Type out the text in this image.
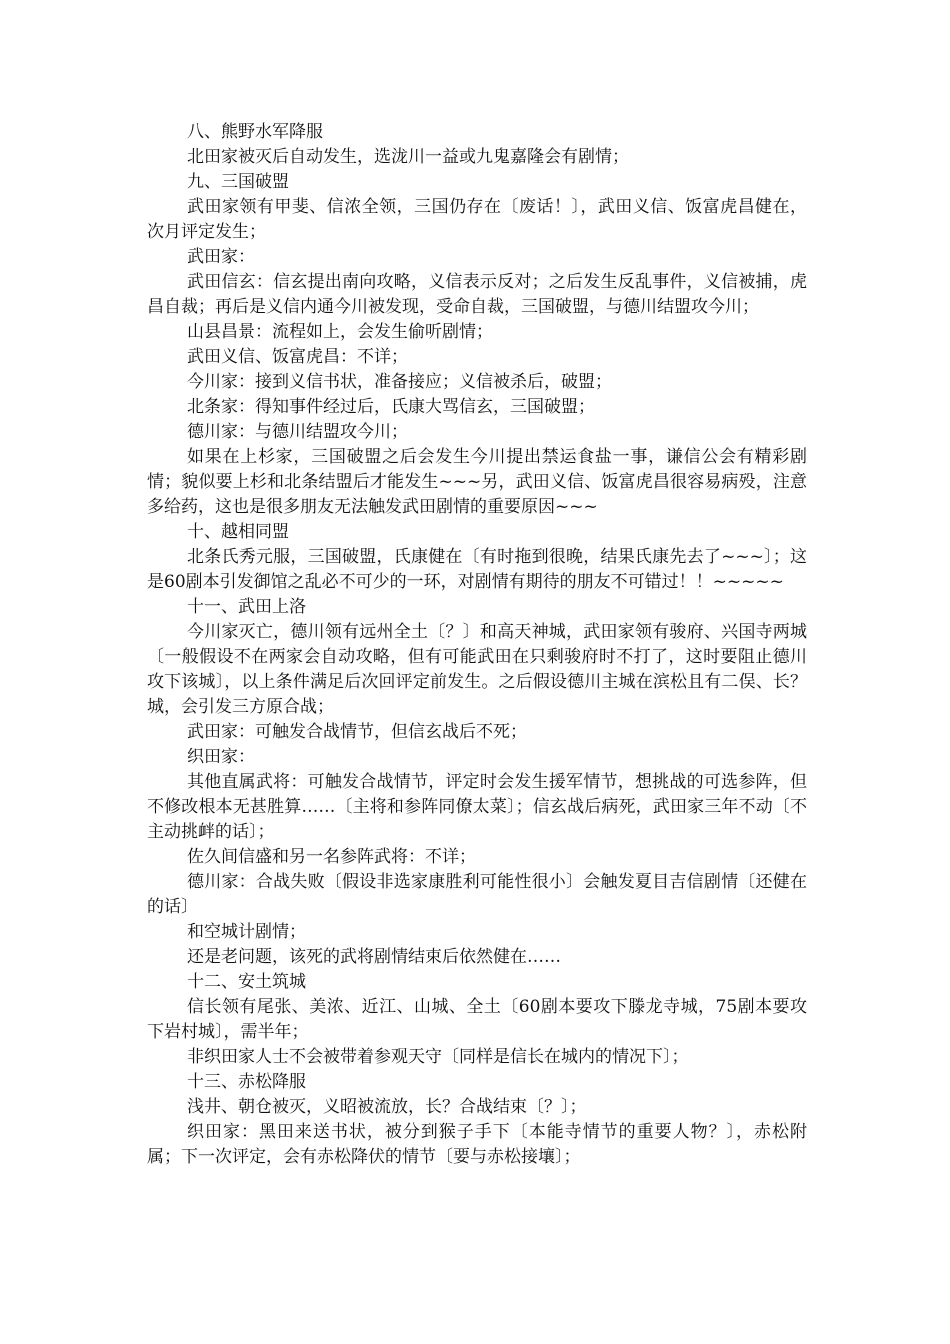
八、熊野水军降服

北田家被灭后自动发生，选泷川一益或九鬼嘉隆会有剧情；

九、三国破盟

武田家领有甲斐、信浓全领，三国仍存在〔废话！〕，武田义信、饭富虎昌健在，次月评定发生；

武田家：

武田信玄：信玄提出南向攻略，义信表示反对；之后发生反乱事件，义信被捕，虎昌自裁；再后是义信内通今川被发现，受命自裁，三国破盟，与德川结盟攻今川；

山县昌景：流程如上，会发生偷听剧情；

武田义信、饭富虎昌：不详；

今川家：接到义信书状，准备接应；义信被杀后，破盟；

北条家：得知事件经过后，氏康大骂信玄，三国破盟；

德川家：与德川结盟攻今川；

如果在上杉家，三国破盟之后会发生今川提出禁运食盐一事，谦信公会有精彩剧情；貌似要上杉和北条结盟后才能发生~~~另，武田义信、饭富虎昌很容易病殁，注意多给药，这也是很多朋友无法触发武田剧情的重要原因~~~

十、越相同盟

北条氏秀元服，三国破盟，氏康健在〔有时拖到很晚，结果氏康先去了~~~〕；这是60剧本引发御馆之乱必不可少的一环，对剧情有期待的朋友不可错过！！~~~~~

十一、武田上洛

今川家灭亡，德川领有远州全土〔？〕和高天神城，武田家领有骏府、兴国寺两城〔一般假设不在两家会自动攻略，但有可能武田在只剩骏府时不打了，这时要阻止德川攻下该城〕，以上条件满足后次回评定前发生。之后假设德川主城在滨松且有二俣、长？城，会引发三方原合战；

武田家：可触发合战情节，但信玄战后不死；

织田家：

其他直属武将：可触发合战情节，评定时会发生援军情节，想挑战的可选参阵，但不修改根本无甚胜算……〔主将和参阵同僚太菜〕；信玄战后病死，武田家三年不动〔不主动挑衅的话〕；

佐久间信盛和另一名参阵武将：不详；

德川家：合战失败〔假设非选家康胜利可能性很小〕会触发夏目吉信剧情〔还健在的话〕

和空城计剧情；

还是老问题，该死的武将剧情结束后依然健在……

十二、安土筑城

信长领有尾张、美浓、近江、山城、全土〔60剧本要攻下滕龙寺城，75剧本要攻下岩村城〕，需半年；

非织田家人士不会被带着参观天守〔同样是信长在城内的情况下〕；

十三、赤松降服

浅井、朝仓被灭，义昭被流放，长？合战结束〔？〕；

织田家：黑田来送书状，被分到猴子手下〔本能寺情节的重要人物？〕，赤松附属；下一次评定，会有赤松降伏的情节〔要与赤松接壤〕；
